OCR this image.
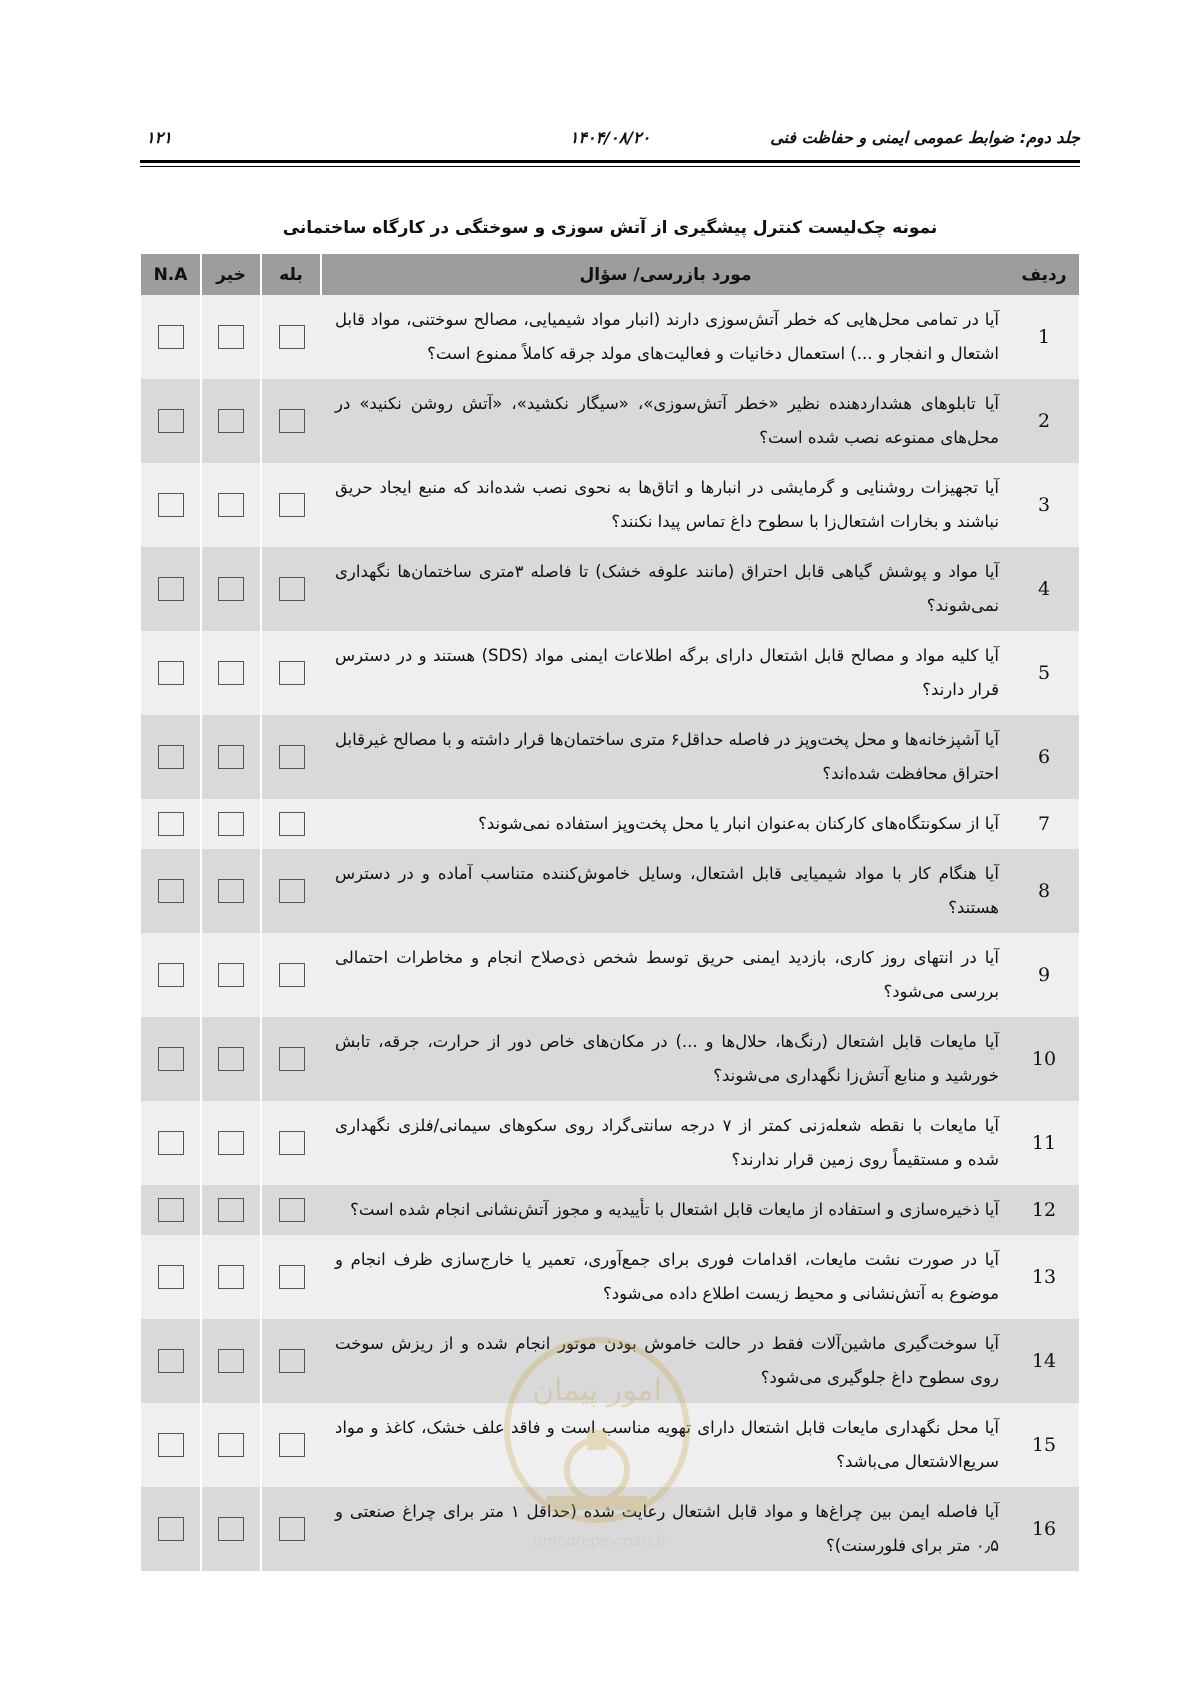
جلد دوم: ضوابط عمومی ایمنی و حفاظت فنی
۱۴۰۴/۰۸/۲۰
۱۲۱
نمونه چک‌لیست کنترل پیشگیری از آتش سوزی و سوختگی در کارگاه ساختمانی
ردیف	مورد بازرسی/ سؤال	بله	خیر	N.A
1	آیا در تمامی محل‌هایی که خطر آتش‌سوزی دارند (انبار مواد شیمیایی، مصالح سوختنی، مواد قابل اشتعال و انفجار و ...) استعمال دخانیات و فعالیت‌های مولد جرقه کاملاً ممنوع است؟			
2	آیا تابلوهای هشداردهنده نظیر «خطر آتش‌سوزی»، «سیگار نکشید»، «آتش روشن نکنید» در محل‌های ممنوعه نصب شده است؟			
3	آیا تجهیزات روشنایی و گرمایشی در انبارها و اتاق‌ها به نحوی نصب شده‌اند که منبع ایجاد حریق نباشند و بخارات اشتعال‌زا با سطوح داغ تماس پیدا نکنند؟			
4	آیا مواد و پوشش گیاهی قابل احتراق (مانند علوفه خشک) تا فاصله ۳متری ساختمان‌ها نگهداری نمی‌شوند؟			
5	آیا کلیه مواد و مصالح قابل اشتعال دارای برگه اطلاعات ایمنی مواد (SDS) هستند و در دسترس قرار دارند؟			
6	آیا آشپزخانه‌ها و محل پخت‌وپز در فاصله حداقل۶ متری ساختمان‌ها قرار داشته و با مصالح غیرقابل احتراق محافظت شده‌اند؟			
7	آیا از سکونتگاه‌های کارکنان به‌عنوان انبار یا محل پخت‌وپز استفاده نمی‌شوند؟			
8	آیا هنگام کار با مواد شیمیایی قابل اشتعال، وسایل خاموش‌کننده متناسب آماده و در دسترس هستند؟			
9	آیا در انتهای روز کاری، بازدید ایمنی حریق توسط شخص ذی‌صلاح انجام و مخاطرات احتمالی بررسی می‌شود؟			
10	آیا مایعات قابل اشتعال (رنگ‌ها، حلال‌ها و ...) در مکان‌های خاص دور از حرارت، جرقه، تابش خورشید و منابع آتش‌زا نگهداری می‌شوند؟			
11	آیا مایعات با نقطه شعله‌زنی کمتر از ۷ درجه سانتی‌گراد روی سکوهای سیمانی/فلزی نگهداری شده و مستقیماً روی زمین قرار ندارند؟			
12	آیا ذخیره‌سازی و استفاده از مایعات قابل اشتعال با تأییدیه و مجوز آتش‌نشانی انجام شده است؟			
13	آیا در صورت نشت مایعات، اقدامات فوری برای جمع‌آوری، تعمیر یا خارج‌سازی ظرف انجام و موضوع به آتش‌نشانی و محیط زیست اطلاع داده می‌شود؟			
14	آیا سوخت‌گیری ماشین‌آلات فقط در حالت خاموش بودن موتور انجام شده و از ریزش سوخت روی سطوح داغ جلوگیری می‌شود؟			
15	آیا محل نگهداری مایعات قابل اشتعال دارای تهویه مناسب است و فاقد علف خشک، کاغذ و مواد سریع‌الاشتعال می‌باشد؟			
16	آیا فاصله ایمن بین چراغ‌ها و مواد قابل اشتعال رعایت شده (حداقل ۱ متر برای چراغ صنعتی و ۰٫۵ متر برای فلورسنت)؟			
امور پیمان
omoorepeyman.ir
